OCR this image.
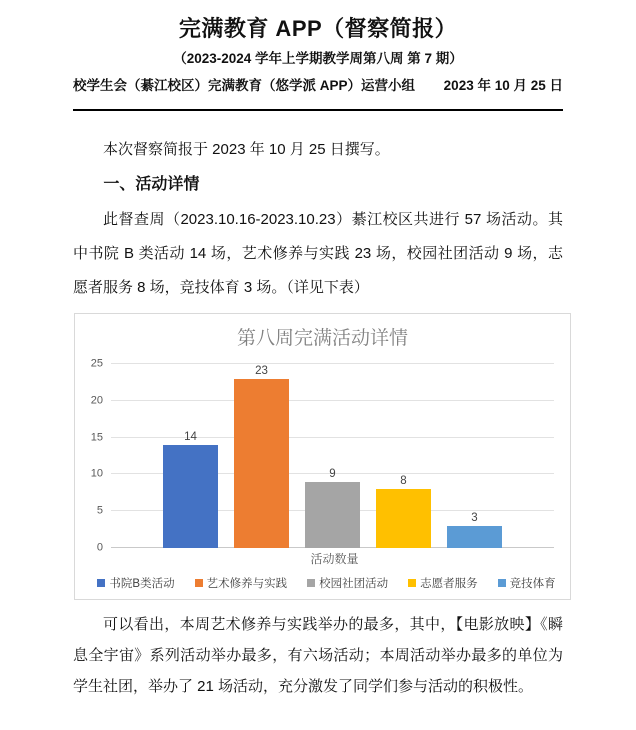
完满教育 APP（督察简报）
（2023-2024 学年上学期教学周第八周 第 7 期）
校学生会（綦江校区）完满教育（悠学派 APP）运营小组 2023 年 10 月 25 日

本次督察简报于 2023 年 10 月 25 日撰写。

一、活动详情

此督查周（2023.10.16-2023.10.23）綦江校区共进行 57 场活动。其中书院 B 类活动 14 场，艺术修养与实践 23 场，校园社团活动 9 场，志愿者服务 8 场，竞技体育 3 场。（详见下表）

第八周完满活动详情
0
5
10
15
20
25
14
23
9
8
3
活动数量
书院B类活动	艺术修养与实践	校园社团活动	志愿者服务	竞技体育

可以看出，本周艺术修养与实践举办的最多，其中，【电影放映】《瞬息全宇宙》系列活动举办最多，有六场活动；本周活动举办最多的单位为学生社团，举办了 21 场活动，充分激发了同学们参与活动的积极性。
